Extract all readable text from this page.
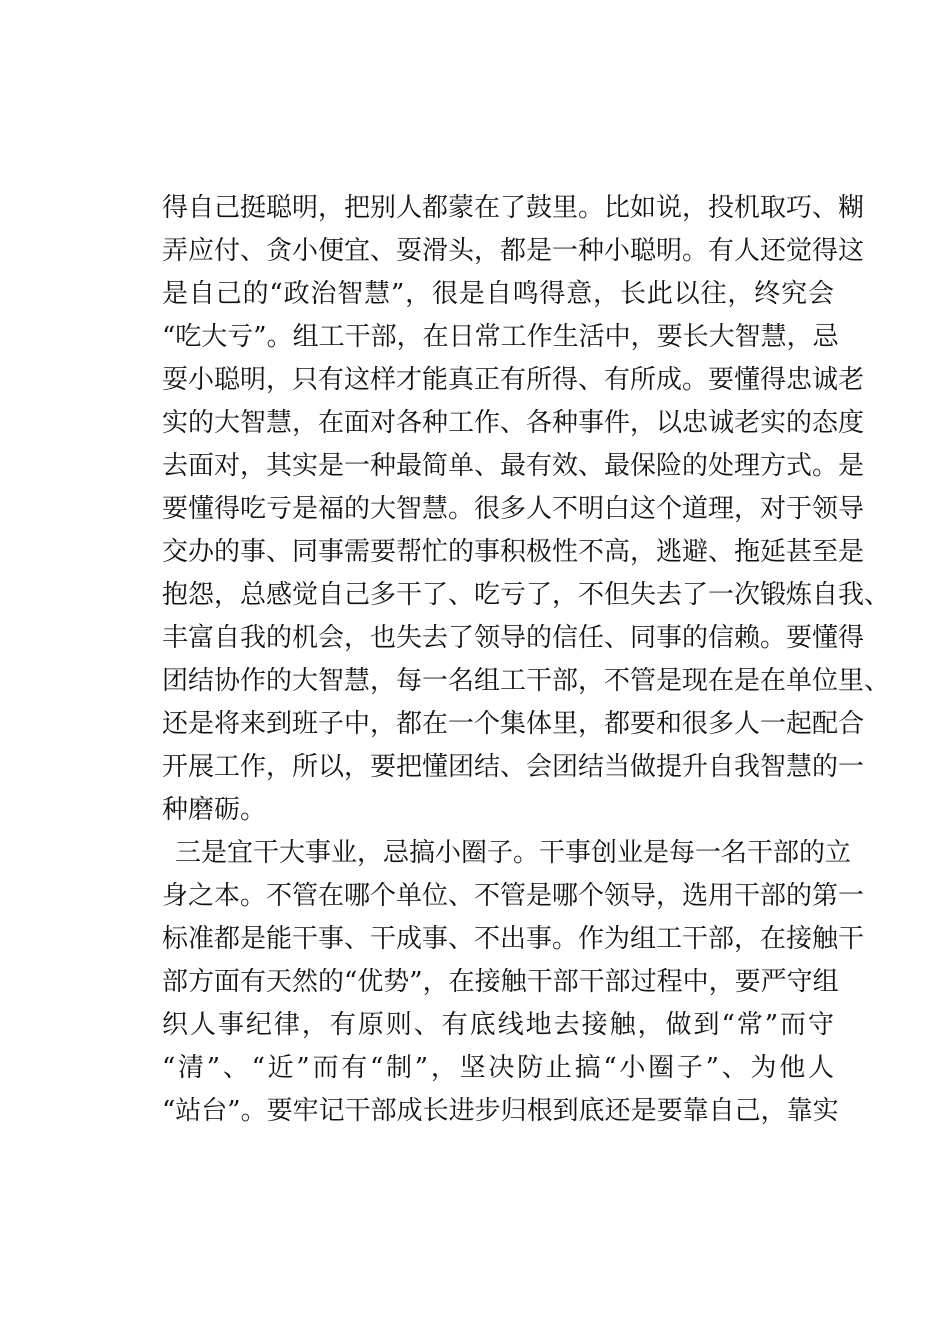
得自己挺聪明，把别人都蒙在了鼓里。比如说，投机取巧、糊
弄应付、贪小便宜、耍滑头，都是一种小聪明。有人还觉得这
是自己的“政治智慧”，很是自鸣得意，长此以往，终究会
“吃大亏”。组工干部，在日常工作生活中，要长大智慧，忌
耍小聪明，只有这样才能真正有所得、有所成。要懂得忠诚老
实的大智慧，在面对各种工作、各种事件，以忠诚老实的态度
去面对，其实是一种最简单、最有效、最保险的处理方式。是
要懂得吃亏是福的大智慧。很多人不明白这个道理，对于领导
交办的事、同事需要帮忙的事积极性不高，逃避、拖延甚至是
抱怨，总感觉自己多干了、吃亏了，不但失去了一次锻炼自我、
丰富自我的机会，也失去了领导的信任、同事的信赖。要懂得
团结协作的大智慧，每一名组工干部，不管是现在是在单位里、
还是将来到班子中，都在一个集体里，都要和很多人一起配合
开展工作，所以，要把懂团结、会团结当做提升自我智慧的一
种磨砺。
三是宜干大事业，忌搞小圈子。干事创业是每一名干部的立
身之本。不管在哪个单位、不管是哪个领导，选用干部的第一
标准都是能干事、干成事、不出事。作为组工干部，在接触干
部方面有天然的“优势”，在接触干部干部过程中，要严守组
织人事纪律，有原则、有底线地去接触，做到“常”而守
“清”、“近”而有“制”，坚决防止搞“小圈子”、为他人
“站台”。要牢记干部成长进步归根到底还是要靠自己，靠实
